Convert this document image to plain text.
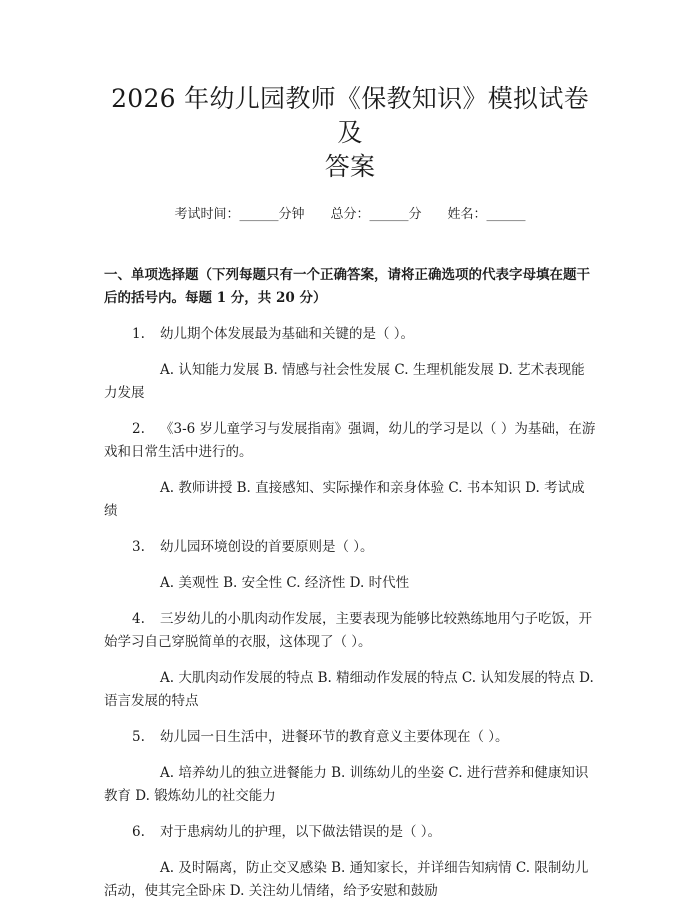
2026 年幼儿园教师《保教知识》模拟试卷及
答案
考试时间：______分钟 总分：______分 姓名：______
一、单项选择题（下列每题只有一个正确答案，请将正确选项的代表字母填在题干后的括号内。每题 1 分，共 20 分）

1. 幼儿期个体发展最为基础和关键的是（ ）。

A. 认知能力发展 B. 情感与社会性发展 C. 生理机能发展 D. 艺术表现能力发展

2. 《3-6 岁儿童学习与发展指南》强调，幼儿的学习是以（ ）为基础，在游戏和日常生活中进行的。

A. 教师讲授 B. 直接感知、实际操作和亲身体验 C. 书本知识 D. 考试成绩

3. 幼儿园环境创设的首要原则是（ ）。

A. 美观性 B. 安全性 C. 经济性 D. 时代性

4. 三岁幼儿的小肌肉动作发展，主要表现为能够比较熟练地用勺子吃饭，开始学习自己穿脱简单的衣服，这体现了（ ）。

A. 大肌肉动作发展的特点 B. 精细动作发展的特点 C. 认知发展的特点 D. 语言发展的特点

5. 幼儿园一日生活中，进餐环节的教育意义主要体现在（ ）。

A. 培养幼儿的独立进餐能力 B. 训练幼儿的坐姿 C. 进行营养和健康知识教育 D. 锻炼幼儿的社交能力

6. 对于患病幼儿的护理，以下做法错误的是（ ）。

A. 及时隔离，防止交叉感染 B. 通知家长，并详细告知病情 C. 限制幼儿活动，使其完全卧床 D. 关注幼儿情绪，给予安慰和鼓励
